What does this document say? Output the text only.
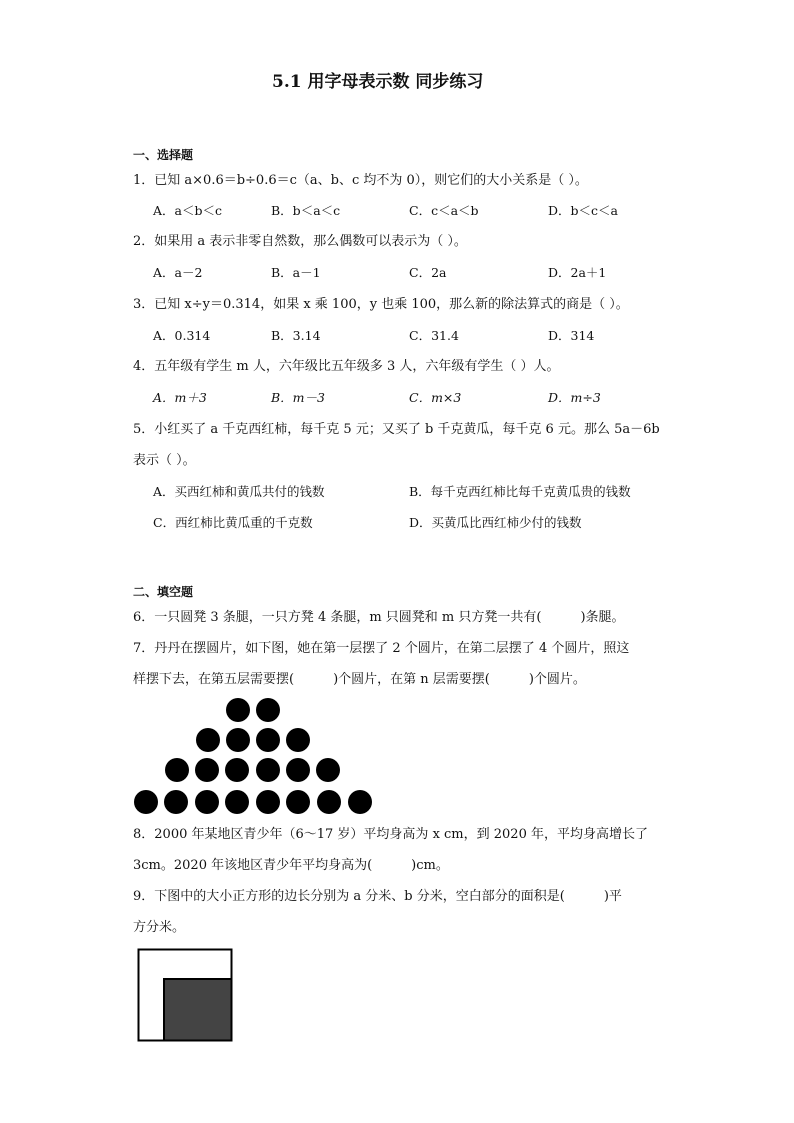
5.1 用字母表示数 同步练习
一、选择题
1．已知 a×0.6＝b÷0.6＝c（a、b、c 均不为 0），则它们的大小关系是（ ）。
A．a＜b＜c	B．b＜a＜c	C．c＜a＜b	D．b＜c＜a
2．如果用 a 表示非零自然数，那么偶数可以表示为（ ）。
A．a－2	B．a－1	C．2a	D．2a＋1
3．已知 x÷y＝0.314，如果 x 乘 100，y 也乘 100，那么新的除法算式的商是（ ）。
A．0.314	B．3.14	C．31.4	D．314
4．五年级有学生 m 人，六年级比五年级多 3 人，六年级有学生（ ）人。
A．m＋3	B．m－3	C．m×3	D．m÷3
5．小红买了 a 千克西红柿，每千克 5 元；又买了 b 千克黄瓜，每千克 6 元。那么 5a－6b
表示（ ）。
A．买西红柿和黄瓜共付的钱数	B．每千克西红柿比每千克黄瓜贵的钱数
C．西红柿比黄瓜重的千克数	D．买黄瓜比西红柿少付的钱数
二、填空题
6．一只圆凳 3 条腿，一只方凳 4 条腿，m 只圆凳和 m 只方凳一共有(　　　)条腿。
7．丹丹在摆圆片，如下图，她在第一层摆了 2 个圆片，在第二层摆了 4 个圆片，照这
样摆下去，在第五层需要摆(　　　)个圆片，在第 n 层需要摆(　　　)个圆片。
8．2000 年某地区青少年（6～17 岁）平均身高为 x cm，到 2020 年，平均身高增长了
3cm。2020 年该地区青少年平均身高为(　　　)cm。
9．下图中的大小正方形的边长分别为 a 分米、b 分米，空白部分的面积是(　　　)平
方分米。
